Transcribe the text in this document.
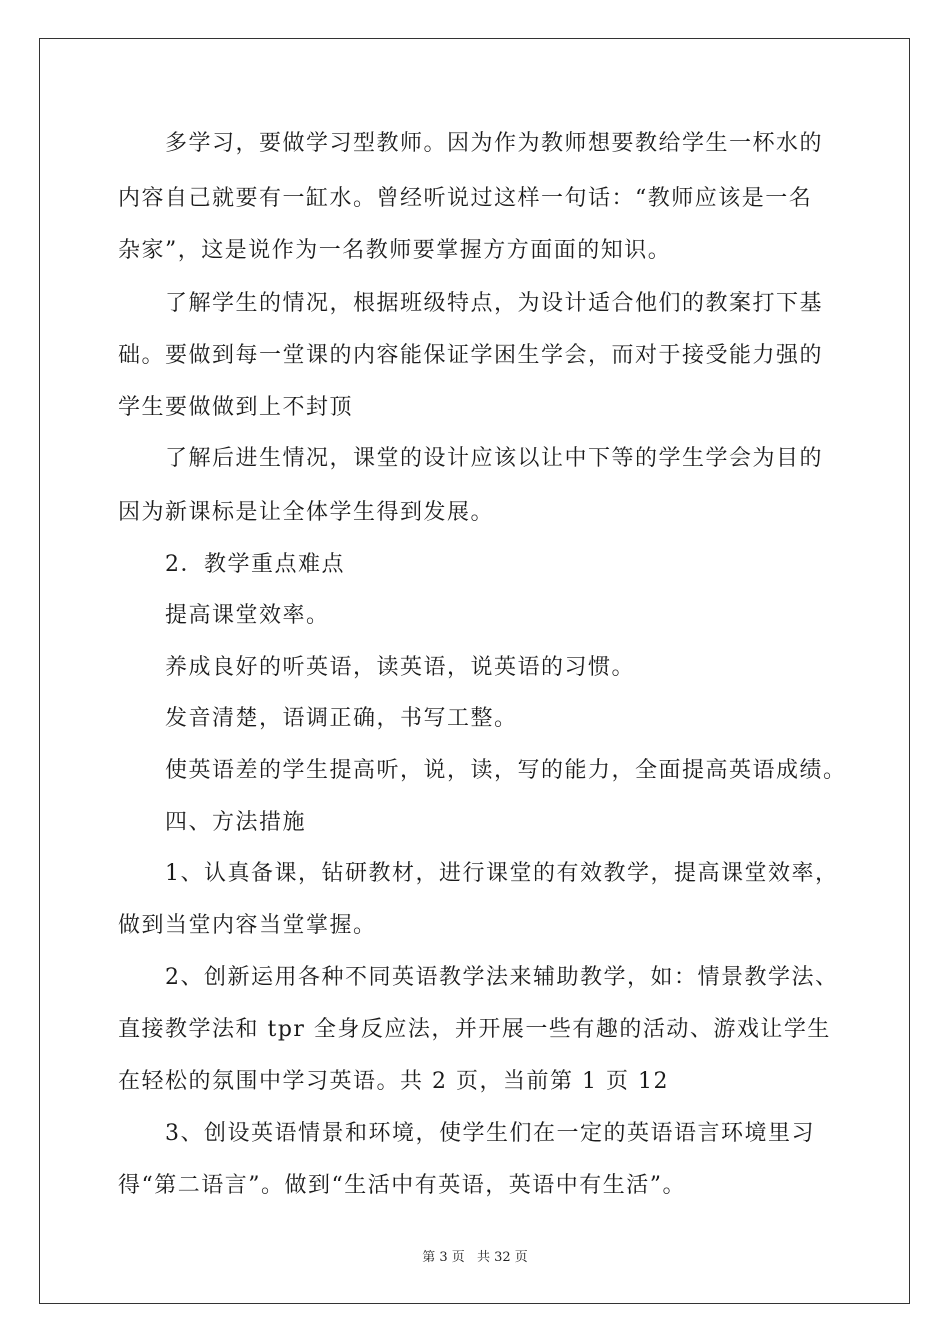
多学习，要做学习型教师。因为作为教师想要教给学生一杯水的
内容自己就要有一缸水。曾经听说过这样一句话：“教师应该是一名
杂家”，这是说作为一名教师要掌握方方面面的知识。
了解学生的情况，根据班级特点，为设计适合他们的教案打下基
础。要做到每一堂课的内容能保证学困生学会，而对于接受能力强的
学生要做做到上不封顶
了解后进生情况，课堂的设计应该以让中下等的学生学会为目的
因为新课标是让全体学生得到发展。
2．教学重点难点
提高课堂效率。
养成良好的听英语，读英语，说英语的习惯。
发音清楚，语调正确，书写工整。
使英语差的学生提高听，说，读，写的能力，全面提高英语成绩。
四、方法措施
1、认真备课，钻研教材，进行课堂的有效教学，提高课堂效率，
做到当堂内容当堂掌握。
2、创新运用各种不同英语教学法来辅助教学，如：情景教学法、
直接教学法和 tpr 全身反应法，并开展一些有趣的活动、游戏让学生
在轻松的氛围中学习英语。共 2 页，当前第 1 页 12
3、创设英语情景和环境，使学生们在一定的英语语言环境里习
得“第二语言”。做到“生活中有英语，英语中有生活”。
第 3 页 共 32 页
